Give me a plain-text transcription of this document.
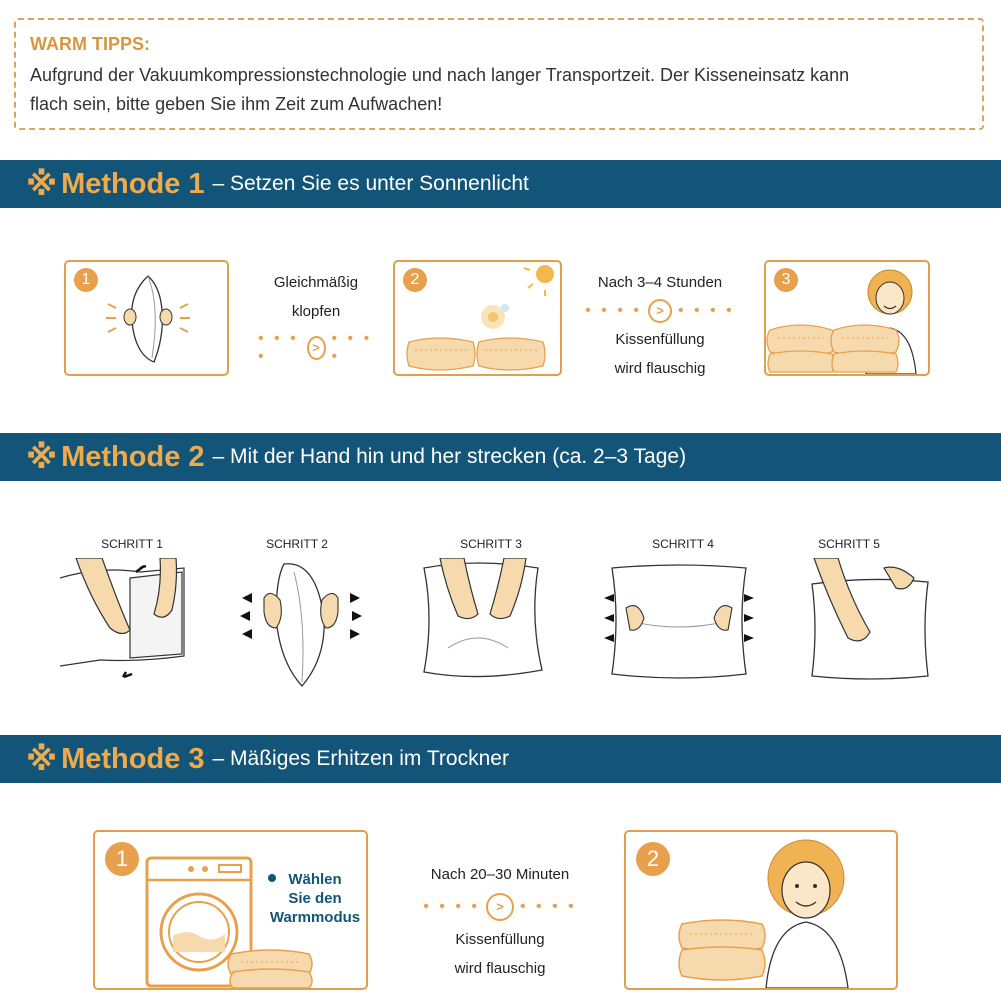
WARM TIPPS:
Aufgrund der Vakuumkompressionstechnologie und nach langer Transportzeit. Der Kisseneinsatz kann
flach sein, bitte geben Sie ihm Zeit zum Aufwachen!
※ Methode 1 – Setzen Sie es unter Sonnenlicht
1	Gleichmäßig
klopfen
• • • •
>
• • • •
2	Nach 3–4 Stunden
• • • •	> • • • •
Kissenfüllung
wird flauschig
3
※ Methode 2 – Mit der Hand hin und her strecken (ca. 2–3 Tage)
SCHRITT 1	SCHRITT 2	SCHRITT 3	SCHRITT 4	SCHRITT 5
※ Methode 3 – Mäßiges Erhitzen im Trockner
1
Wählen
Sie den
Warmmodus
Nach 20–30 Minuten
• • • •	>	• • • •
Kissenfüllung
wird flauschig
2
